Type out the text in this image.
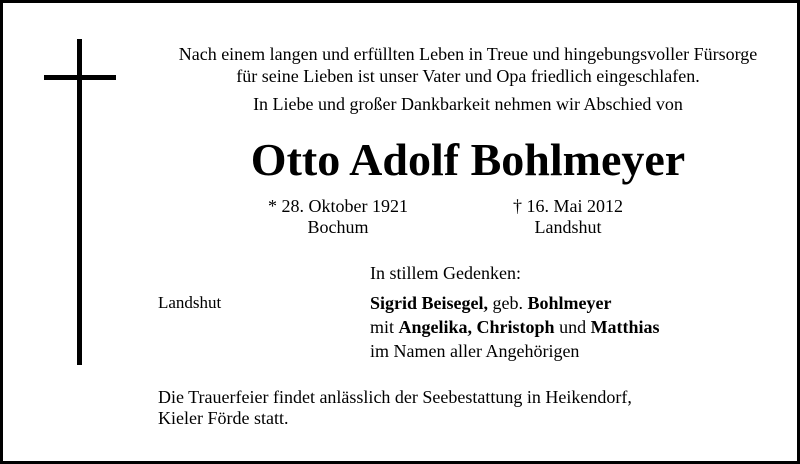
Nach einem langen und erfüllten Leben in Treue und hingebungsvoller Fürsorge
für seine Lieben ist unser Vater und Opa friedlich eingeschlafen.
In Liebe und großer Dankbarkeit nehmen wir Abschied von
Otto Adolf Bohlmeyer
* 28. Oktober 1921
Bochum
† 16. Mai 2012
Landshut
In stillem Gedenken:
Landshut	Sigrid Beisegel, geb. Bohlmeyer
mit Angelika, Christoph und Matthias
im Namen aller Angehörigen
Die Trauerfeier findet anlässlich der Seebestattung in Heikendorf,
Kieler Förde statt.
